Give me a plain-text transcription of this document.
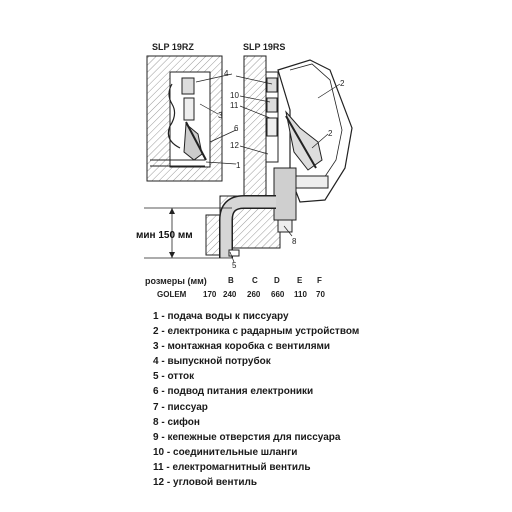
SLP 19RZ	SLP 19RS
мин 150 мм
4
3
6
1
10
11
12
2
2
5
8
розмеры (мм)	B C D E F
GOLEM 170 240 260 660 110 70
1 - подача воды к писсуару
2 - електроника с радарным устройством
3 - монтажная коробка с вентилями
4 - выпускной потрубок
5 - отток
6 - подвод питания електроники
7 - писсуар
8 - сифон
9 - кепежные отверстия для писсуара
10 - соединительные шланги
11 - електромагнитный вентиль
12 - угловой вентиль
